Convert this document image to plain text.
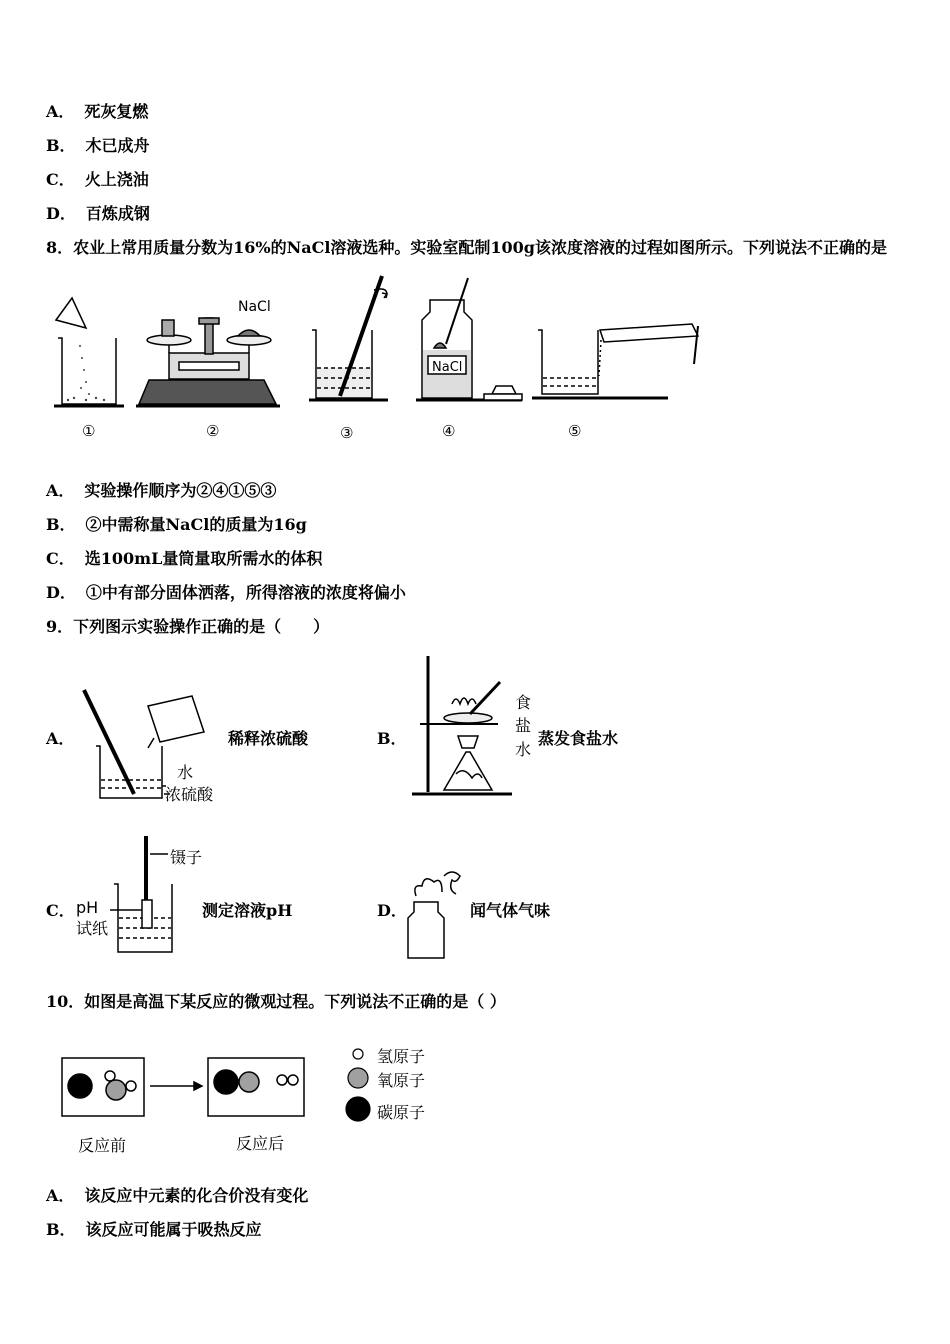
A． 死灰复燃
B． 木已成舟
C． 火上浇油
D． 百炼成钢
8．农业上常用质量分数为16%的NaCl溶液选种。实验室配制100g该浓度溶液的过程如图所示。下列说法不正确的是
NaCl
NaCl
①	②	③	④	⑤
A． 实验操作顺序为②④①⑤③
B． ②中需称量NaCl的质量为16g
C． 选100mL量筒量取所需水的体积
D． ①中有部分固体洒落，所得溶液的浓度将偏小
9．下列图示实验操作正确的是（　　）
A．
水
浓硫酸
稀释浓硫酸	B．
食
盐
水
蒸发食盐水
C．
镊子
pH
试纸
测定溶液pH	D．	闻气体气味
10．如图是高温下某反应的微观过程。下列说法不正确的是（ ）
反应前	反应后
氢原子
氧原子
碳原子
A． 该反应中元素的化合价没有变化
B． 该反应可能属于吸热反应
